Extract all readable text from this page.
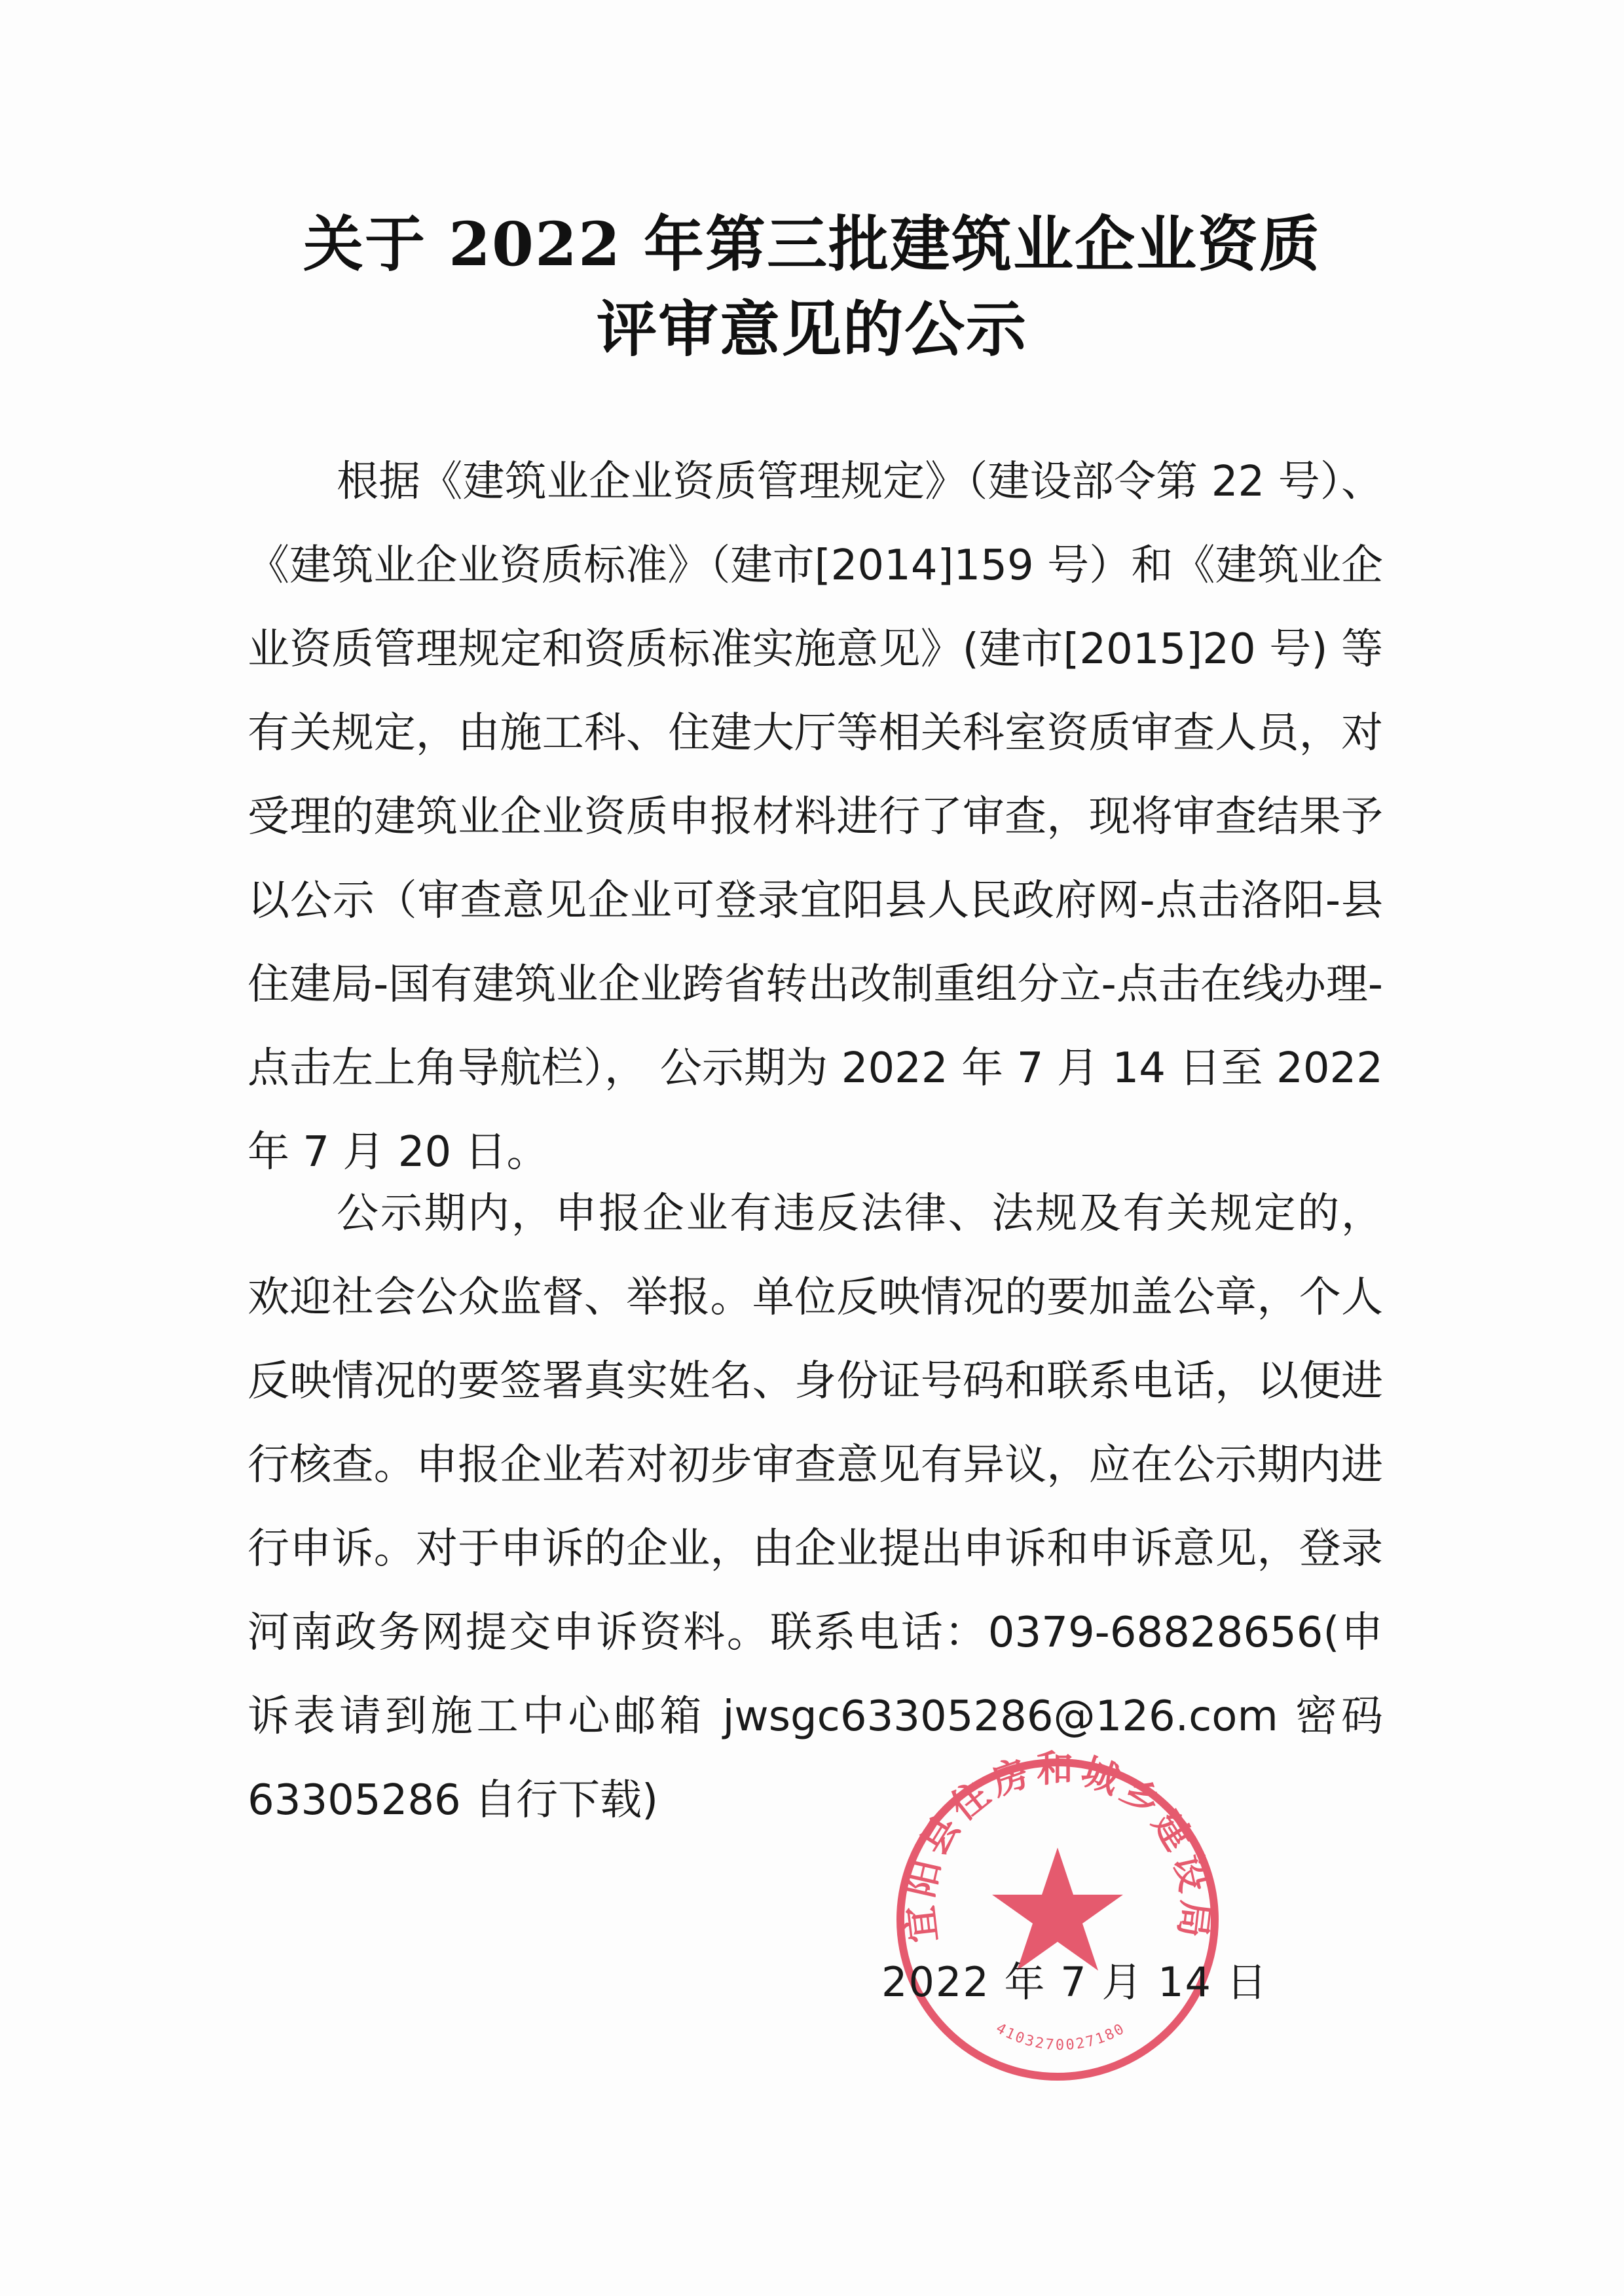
关于 2022 年第三批建筑业企业资质
评审意见的公示

根据《建筑业企业资质管理规定》（建设部令第 22 号）、《建筑业企业资质标准》（建市[2014]159 号）和《建筑业企业资质管理规定和资质标准实施意见》(建市[2015]20 号) 等有关规定，由施工科、住建大厅等相关科室资质审查人员，对受理的建筑业企业资质申报材料进行了审查，现将审查结果予以公示（审查意见企业可登录宜阳县人民政府网-点击洛阳-县住建局-国有建筑业企业跨省转出改制重组分立-点击在线办理-点击左上角导航栏）， 公示期为 2022 年 7 月 14 日至 2022 年 7 月 20 日。

公示期内，申报企业有违反法律、法规及有关规定的，欢迎社会公众监督、举报。单位反映情况的要加盖公章，个人反映情况的要签署真实姓名、身份证号码和联系电话，以便进行核查。申报企业若对初步审查意见有异议，应在公示期内进行申诉。对于申诉的企业，由企业提出申诉和申诉意见，登录河南政务网提交申诉资料。联系电话：0379-68828656(申诉表请到施工中心邮箱 jwsgc63305286@126.com 密码 63305286 自行下载)

宜阳县住房和城乡建设局
4103270027180
2022 年 7 月 14 日
